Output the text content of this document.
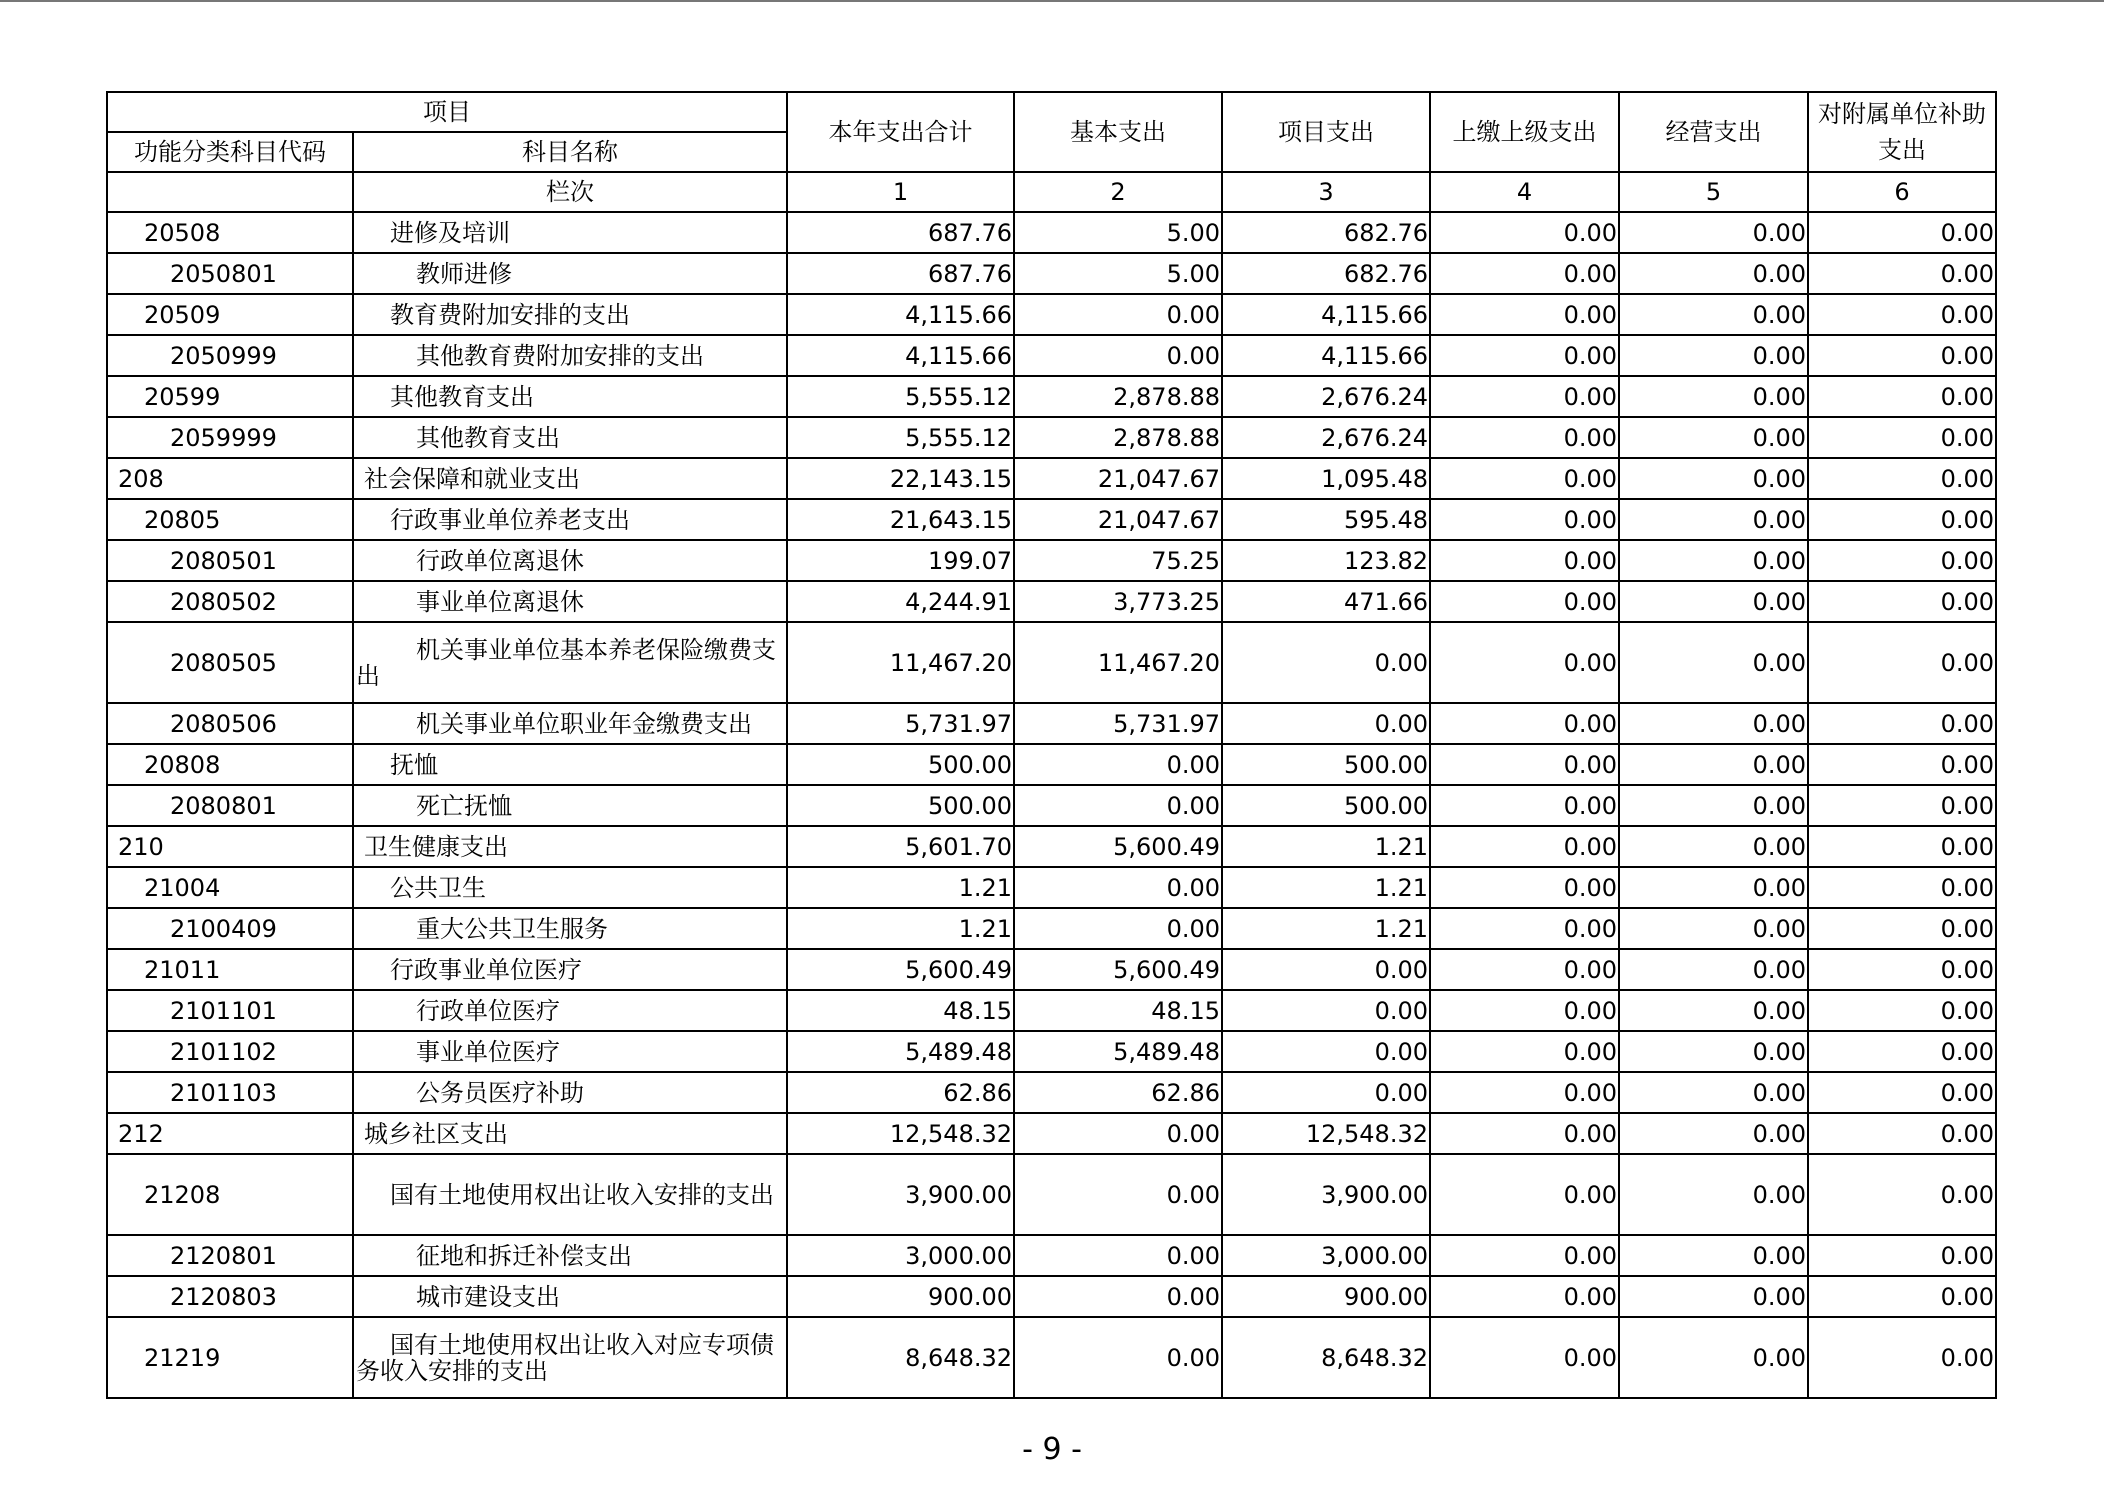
项目		本年支出合计	基本支出	项目支出	上缴上级支出	经营支出	对附属单位补助支出
功能分类科目代码	科目名称						
	栏次	1	2	3	4	5	6
20508	进修及培训	687.76	5.00	682.76	0.00	0.00	0.00
2050801	教师进修	687.76	5.00	682.76	0.00	0.00	0.00
20509	教育费附加安排的支出	4,115.66	0.00	4,115.66	0.00	0.00	0.00
2050999	其他教育费附加安排的支出	4,115.66	0.00	4,115.66	0.00	0.00	0.00
20599	其他教育支出	5,555.12	2,878.88	2,676.24	0.00	0.00	0.00
2059999	其他教育支出	5,555.12	2,878.88	2,676.24	0.00	0.00	0.00
208	社会保障和就业支出	22,143.15	21,047.67	1,095.48	0.00	0.00	0.00
20805	行政事业单位养老支出	21,643.15	21,047.67	595.48	0.00	0.00	0.00
2080501	行政单位离退休	199.07	75.25	123.82	0.00	0.00	0.00
2080502	事业单位离退休	4,244.91	3,773.25	471.66	0.00	0.00	0.00
2080505	机关事业单位基本养老保险缴费支出	11,467.20	11,467.20	0.00	0.00	0.00	0.00
2080506	机关事业单位职业年金缴费支出	5,731.97	5,731.97	0.00	0.00	0.00	0.00
20808	抚恤	500.00	0.00	500.00	0.00	0.00	0.00
2080801	死亡抚恤	500.00	0.00	500.00	0.00	0.00	0.00
210	卫生健康支出	5,601.70	5,600.49	1.21	0.00	0.00	0.00
21004	公共卫生	1.21	0.00	1.21	0.00	0.00	0.00
2100409	重大公共卫生服务	1.21	0.00	1.21	0.00	0.00	0.00
21011	行政事业单位医疗	5,600.49	5,600.49	0.00	0.00	0.00	0.00
2101101	行政单位医疗	48.15	48.15	0.00	0.00	0.00	0.00
2101102	事业单位医疗	5,489.48	5,489.48	0.00	0.00	0.00	0.00
2101103	公务员医疗补助	62.86	62.86	0.00	0.00	0.00	0.00
212	城乡社区支出	12,548.32	0.00	12,548.32	0.00	0.00	0.00
21208	国有土地使用权出让收入安排的支出	3,900.00	0.00	3,900.00	0.00	0.00	0.00
2120801	征地和拆迁补偿支出	3,000.00	0.00	3,000.00	0.00	0.00	0.00
2120803	城市建设支出	900.00	0.00	900.00	0.00	0.00	0.00
21219	国有土地使用权出让收入对应专项债务收入安排的支出	8,648.32	0.00	8,648.32	0.00	0.00	0.00
- 9 -
